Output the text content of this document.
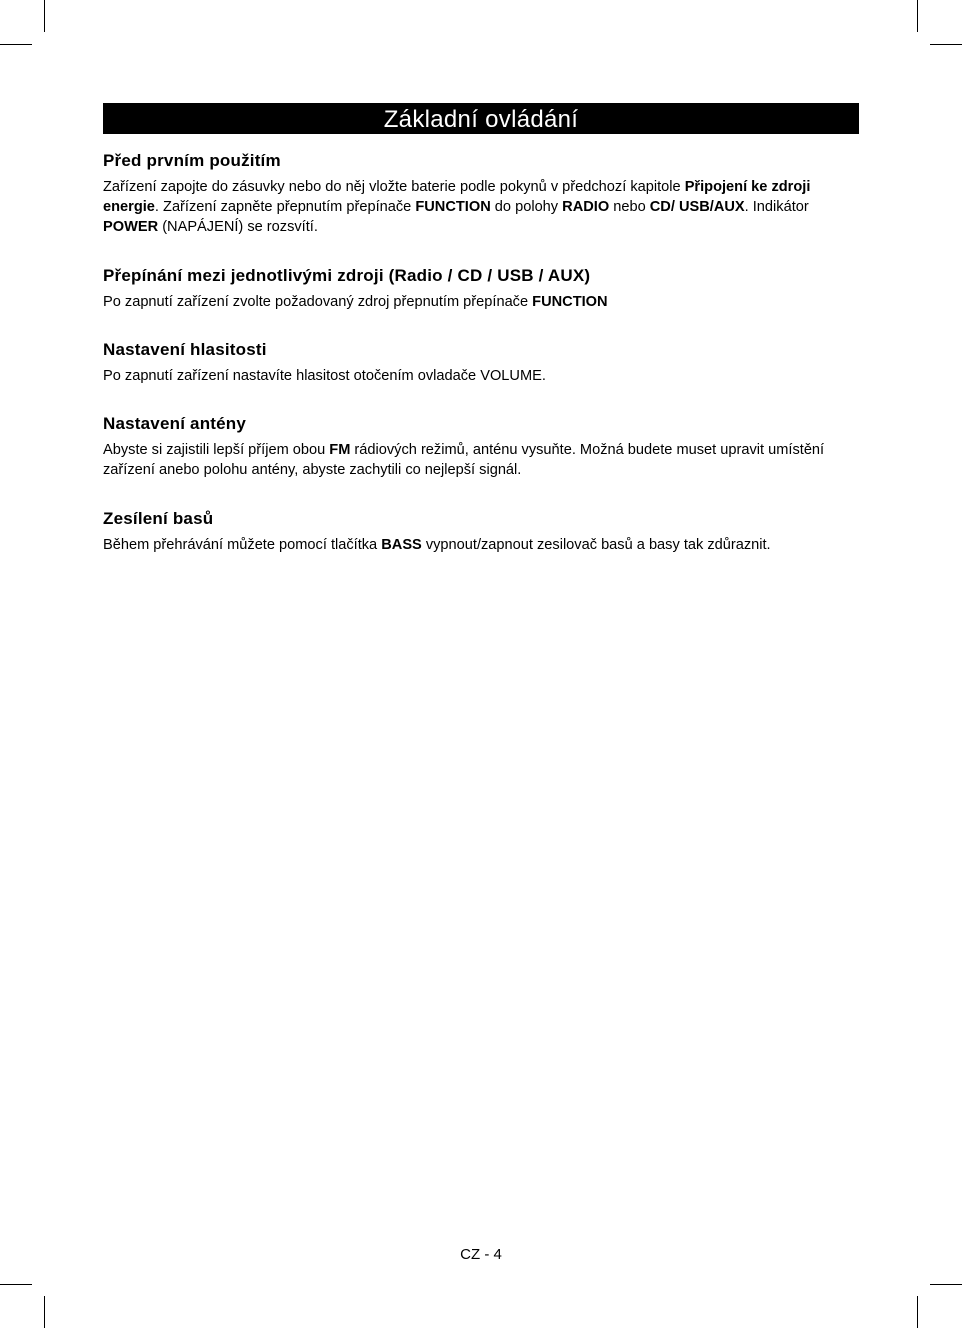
Základní ovládání
Před prvním použitím

Zařízení zapojte do zásuvky nebo do něj vložte baterie podle pokynů v předchozí kapitole Připojení ke zdroji energie. Zařízení zapněte přepnutím přepínače FUNCTION do polohy RADIO nebo CD/ USB/AUX. Indikátor POWER (NAPÁJENÍ) se rozsvítí.

Přepínání mezi jednotlivými zdroji (Radio / CD / USB / AUX)

Po zapnutí zařízení zvolte požadovaný zdroj přepnutím přepínače FUNCTION

Nastavení hlasitosti

Po zapnutí zařízení nastavíte hlasitost otočením ovladače VOLUME.

Nastavení antény

Abyste si zajistili lepší příjem obou FM rádiových režimů, anténu vysuňte. Možná budete muset upravit umístění zařízení anebo polohu antény, abyste zachytili co nejlepší signál.

Zesílení basů

Během přehrávání můžete pomocí tlačítka BASS vypnout/zapnout zesilovač basů a basy tak zdůraznit.

CZ - 4
